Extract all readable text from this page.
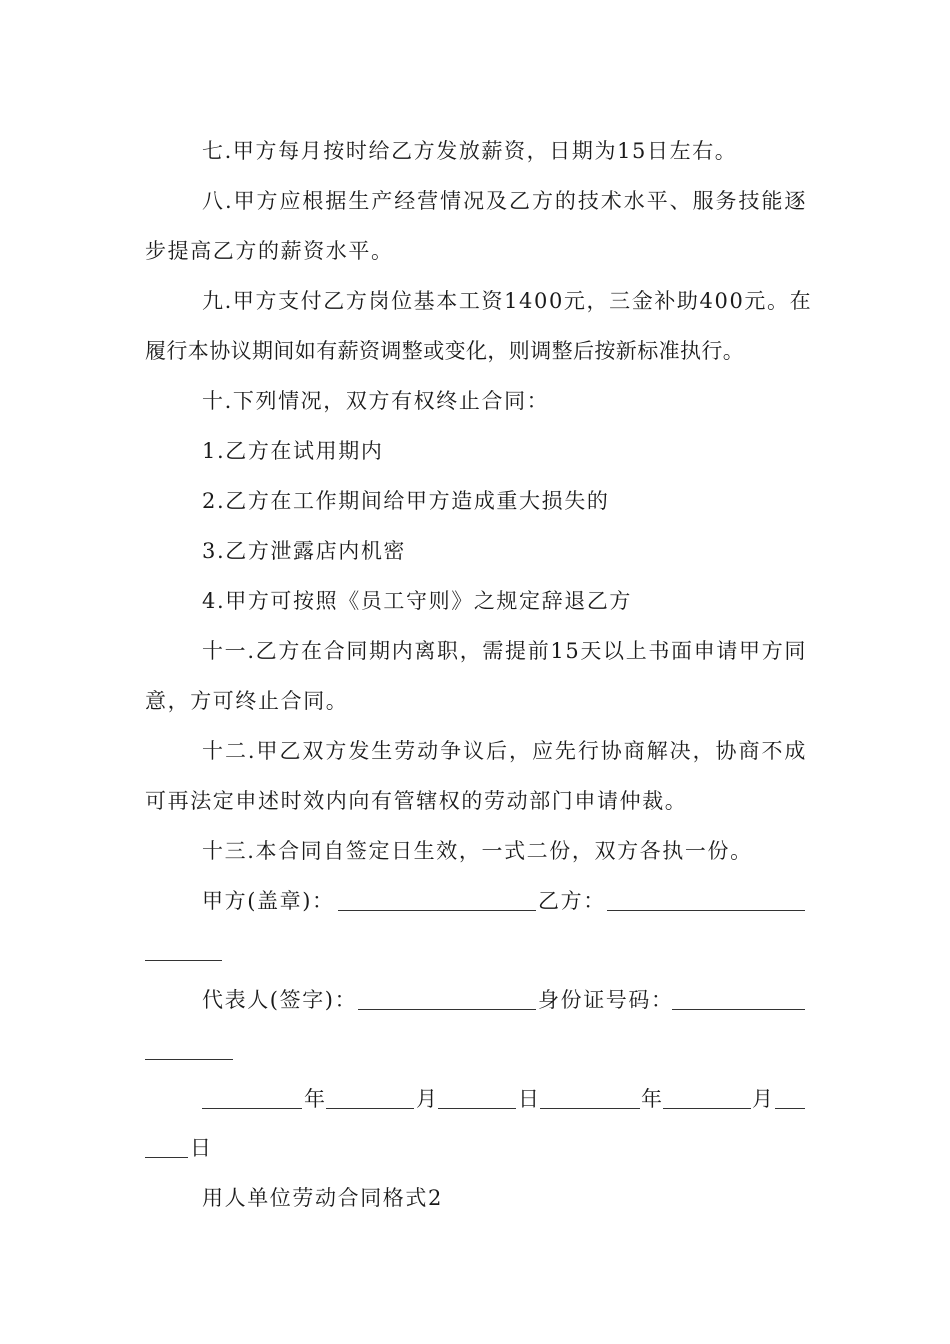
七.甲方每月按时给乙方发放薪资，日期为15日左右。
八.甲方应根据生产经营情况及乙方的技术水平、服务技能逐
步提高乙方的薪资水平。
九.甲方支付乙方岗位基本工资1400元，三金补助400元。在
履行本协议期间如有薪资调整或变化，则调整后按新标准执行。
十.下列情况，双方有权终止合同：
1.乙方在试用期内
2.乙方在工作期间给甲方造成重大损失的
3.乙方泄露店内机密
4.甲方可按照《员工守则》之规定辞退乙方
十一.乙方在合同期内离职，需提前15天以上书面申请甲方同
意，方可终止合同。
十二.甲乙双方发生劳动争议后，应先行协商解决，协商不成
可再法定申述时效内向有管辖权的劳动部门申请仲裁。
十三.本合同自签定日生效，一式二份，双方各执一份。
甲方(盖章)：	乙方：
代表人(签字)：	身份证号码：
年	月	日	年	月
日
用人单位劳动合同格式2
